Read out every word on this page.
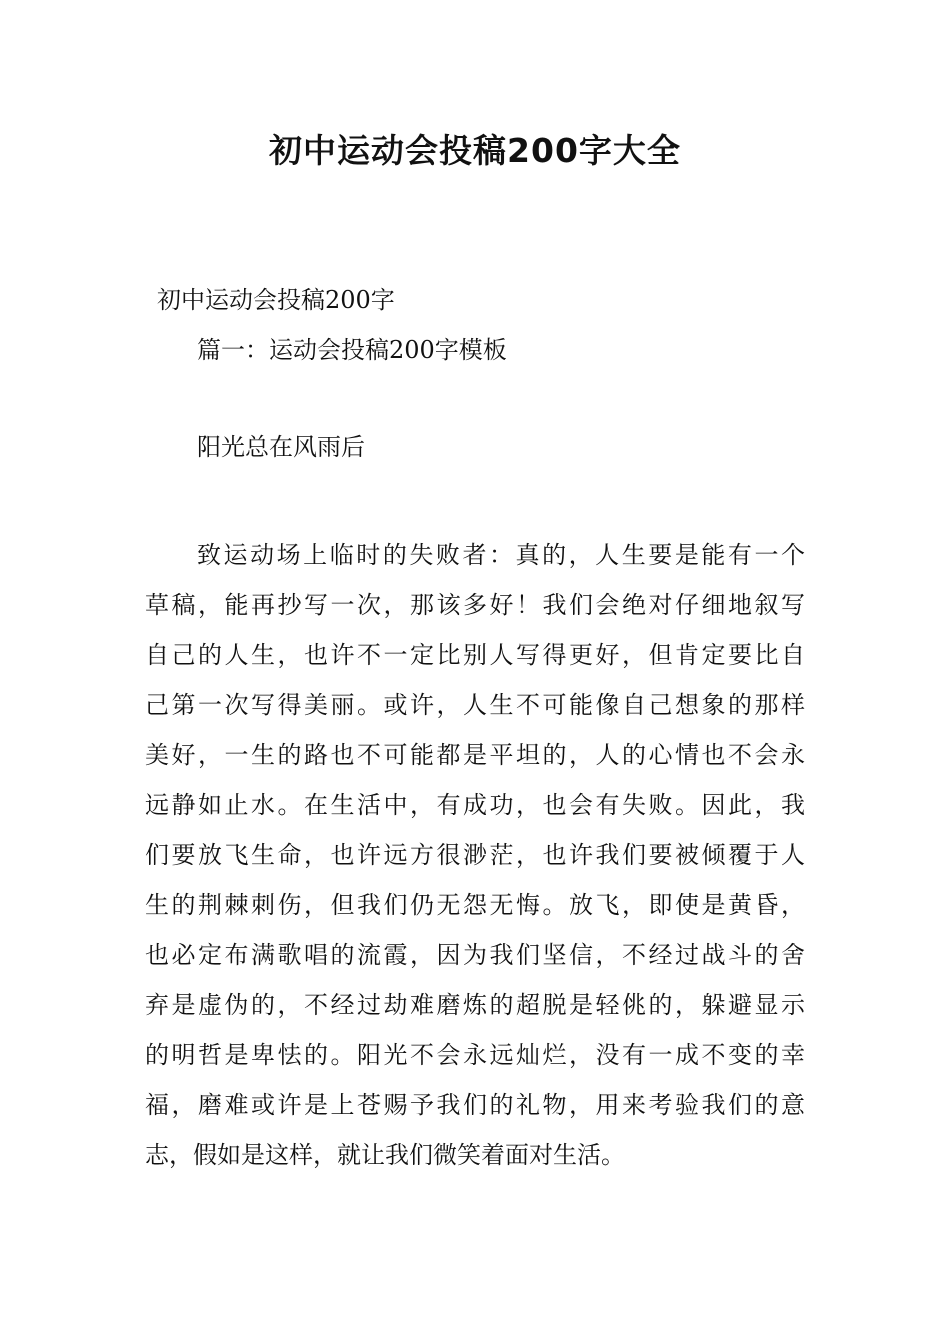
初中运动会投稿200字大全

初中运动会投稿200字

篇一：运动会投稿200字模板

阳光总在风雨后

致运动场上临时的失败者：真的，人生要是能有一个
草稿，能再抄写一次，那该多好！我们会绝对仔细地叙写
自己的人生，也许不一定比别人写得更好，但肯定要比自
己第一次写得美丽。或许，人生不可能像自己想象的那样
美好，一生的路也不可能都是平坦的，人的心情也不会永
远静如止水。在生活中，有成功，也会有失败。因此，我
们要放飞生命，也许远方很渺茫，也许我们要被倾覆于人
生的荆棘刺伤，但我们仍无怨无悔。放飞，即使是黄昏，
也必定布满歌唱的流霞，因为我们坚信，不经过战斗的舍
弃是虚伪的，不经过劫难磨炼的超脱是轻佻的，躲避显示
的明哲是卑怯的。阳光不会永远灿烂，没有一成不变的幸
福，磨难或许是上苍赐予我们的礼物，用来考验我们的意
志，假如是这样，就让我们微笑着面对生活。
